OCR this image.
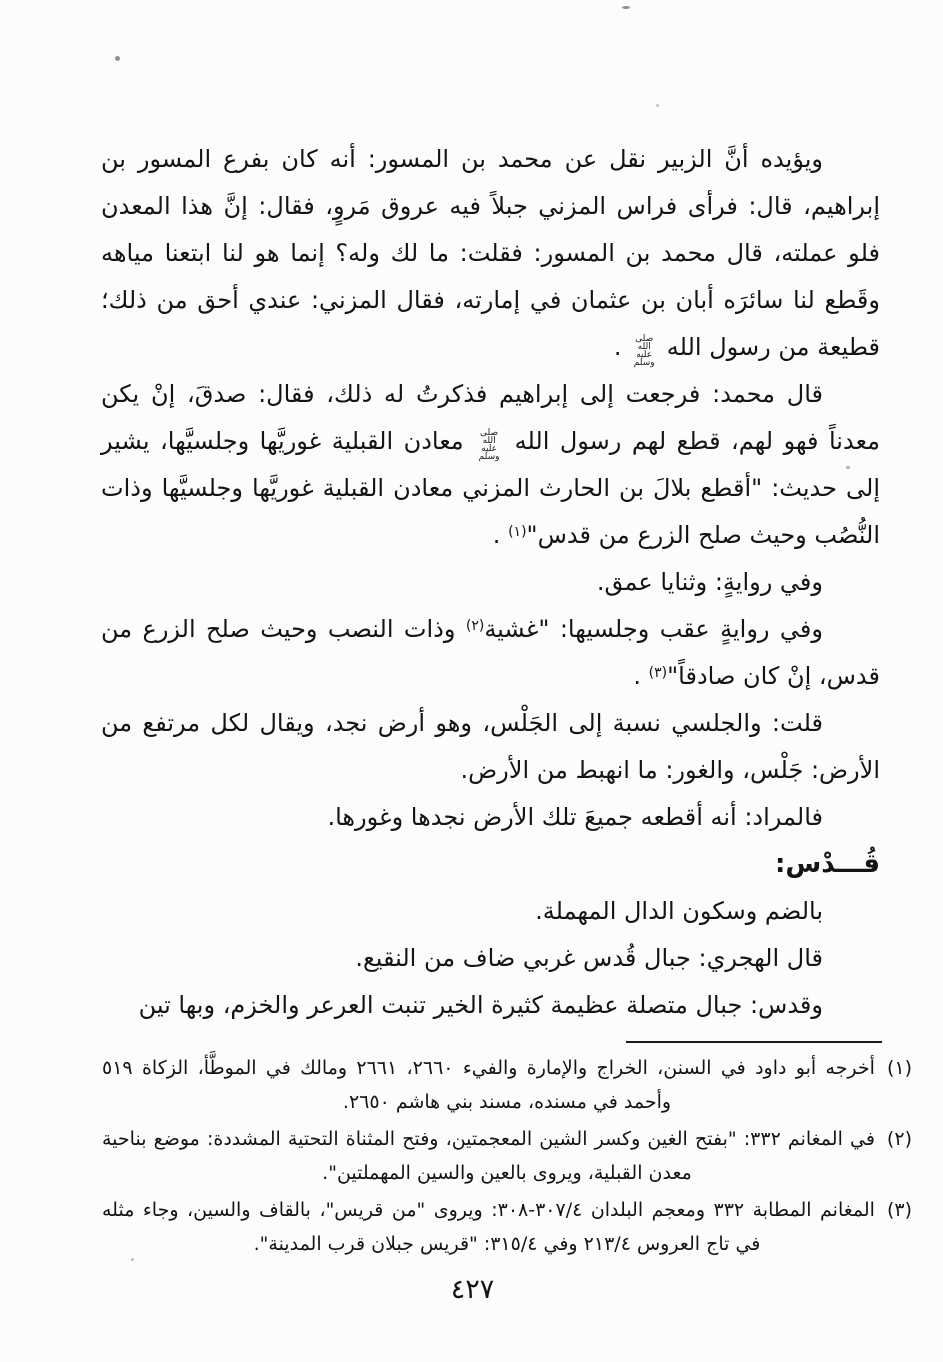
ويؤيده أنَّ الزبير نقل عن محمد بن المسور: أنه كان بفرع المسور بن إبراهيم، قال: فرأى فراس المزني جبلاً فيه عروق مَروٍ، فقال: إنَّ هذا المعدن فلو عملته، قال محمد بن المسور: فقلت: ما لك وله؟ إنما هو لنا ابتعنا مياهه وقَطع لنا سائرَه أبان بن عثمان في إمارته، فقال المزني: عندي أحق من ذلك؛ قطيعة من رسول الله صلى الله عليه وسلم .

قال محمد: فرجعت إلى إبراهيم فذكرتُ له ذلك، فقال: صدقَ، إنْ يكن معدناً فهو لهم، قطع لهم رسول الله صلى الله عليه وسلم معادن القبلية غوريَّها وجلسيَّها، يشير إلى حديث: "أقطع بلالَ بن الحارث المزني معادن القبلية غوريَّها وجلسيَّها وذات النُّصُب وحيث صلح الزرع من قدس"$^{(١)}$ .

وفي روايةٍ: وثنايا عمق.

وفي روايةٍ عقب وجلسيها: "غشية$^{(٢)}$ وذات النصب وحيث صلح الزرع من قدس، إنْ كان صادقاً"$^{(٣)}$ .

قلت: والجلسي نسبة إلى الجَلْس، وهو أرض نجد، ويقال لكل مرتفع من الأرض: جَلْس، والغور: ما انهبط من الأرض.

فالمراد: أنه أقطعه جميعَ تلك الأرض نجدها وغورها.

قُـــدْس:

بالضم وسكون الدال المهملة.

قال الهجري: جبال قُدس غربي ضاف من النقيع.

وقدس: جبال متصلة عظيمة كثيرة الخير تنبت العرعر والخزم، وبها تين

(١)أخرجه أبو داود في السنن، الخراج والإمارة والفيء ٢٦٦٠، ٢٦٦١ ومالك في الموطَّأ، الزكاة ٥١٩ وأحمد في مسنده، مسند بني هاشم ٢٦٥٠.
(٢)في المغانم ٣٣٢: "بفتح الغين وكسر الشين المعجمتين، وفتح المثناة التحتية المشددة: موضع بناحية معدن القبلية، ويروى بالعين والسين المهملتين".
(٣)المغانم المطابة ٣٣٢ ومعجم البلدان ٤‏/‏٣٠٧-٣٠٨: ويروى "من قريس"، بالقاف والسين، وجاء مثله في تاج العروس ٤‏/‏٢١٣ وفي ٤‏/‏٣١٥: "قريس جبلان قرب المدينة".
٤٢٧
